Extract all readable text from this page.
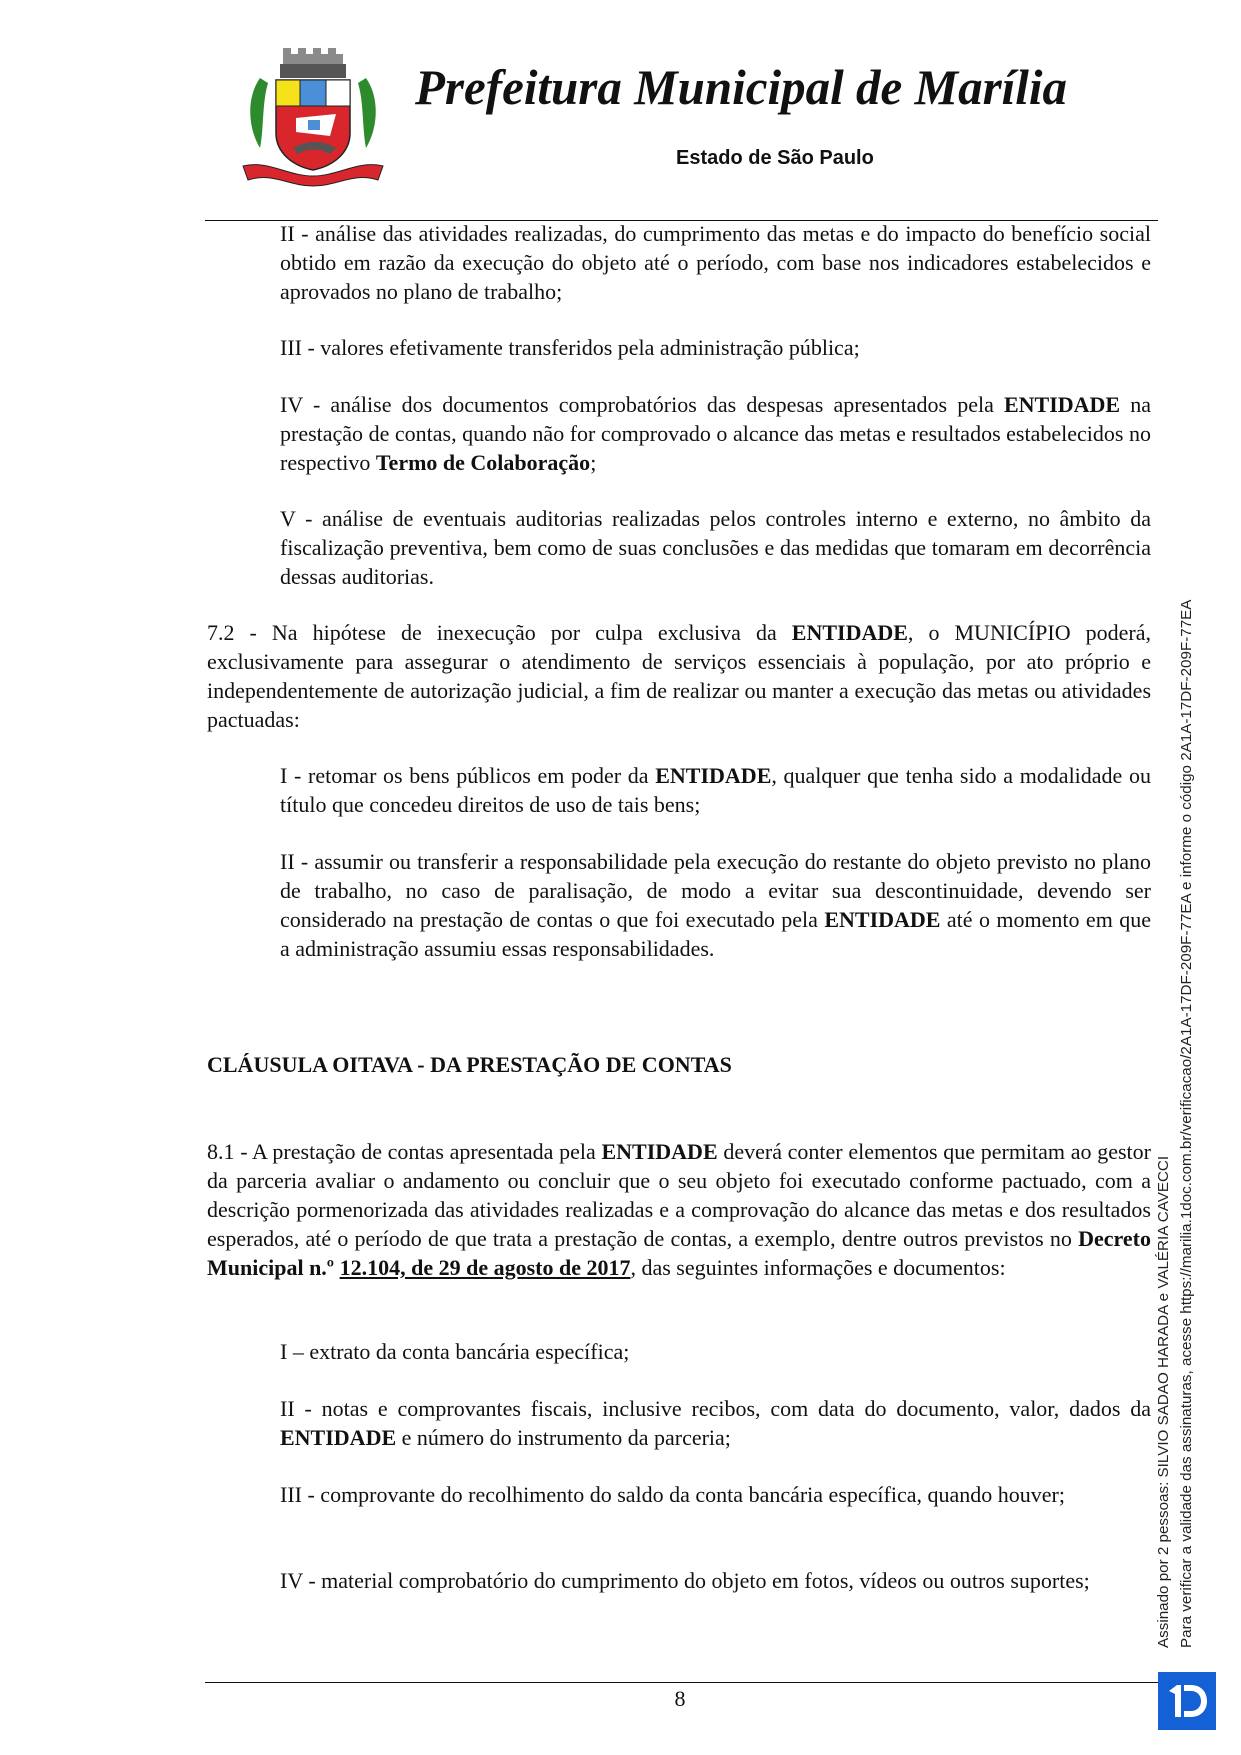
Prefeitura Municipal de Marília
Estado de São Paulo
II - análise das atividades realizadas, do cumprimento das metas e do impacto do benefício social obtido em razão da execução do objeto até o período, com base nos indicadores estabelecidos e aprovados no plano de trabalho;
III - valores efetivamente transferidos pela administração pública;
IV - análise dos documentos comprobatórios das despesas apresentados pela ENTIDADE na prestação de contas, quando não for comprovado o alcance das metas e resultados estabelecidos no respectivo Termo de Colaboração;
V - análise de eventuais auditorias realizadas pelos controles interno e externo, no âmbito da fiscalização preventiva, bem como de suas conclusões e das medidas que tomaram em decorrência dessas auditorias.
7.2 - Na hipótese de inexecução por culpa exclusiva da ENTIDADE, o MUNICÍPIO poderá, exclusivamente para assegurar o atendimento de serviços essenciais à população, por ato próprio e independentemente de autorização judicial, a fim de realizar ou manter a execução das metas ou atividades pactuadas:
I - retomar os bens públicos em poder da ENTIDADE, qualquer que tenha sido a modalidade ou título que concedeu direitos de uso de tais bens;
II - assumir ou transferir a responsabilidade pela execução do restante do objeto previsto no plano de trabalho, no caso de paralisação, de modo a evitar sua descontinuidade, devendo ser considerado na prestação de contas o que foi executado pela ENTIDADE até o momento em que a administração assumiu essas responsabilidades.
CLÁUSULA OITAVA - DA PRESTAÇÃO DE CONTAS
8.1 - A prestação de contas apresentada pela ENTIDADE deverá conter elementos que permitam ao gestor da parceria avaliar o andamento ou concluir que o seu objeto foi executado conforme pactuado, com a descrição pormenorizada das atividades realizadas e a comprovação do alcance das metas e dos resultados esperados, até o período de que trata a prestação de contas, a exemplo, dentre outros previstos no Decreto Municipal n.º 12.104, de 29 de agosto de 2017, das seguintes informações e documentos:
I – extrato da conta bancária específica;
II - notas e comprovantes fiscais, inclusive recibos, com data do documento, valor, dados da ENTIDADE e número do instrumento da parceria;
III - comprovante do recolhimento do saldo da conta bancária específica, quando houver;
IV - material comprobatório do cumprimento do objeto em fotos, vídeos ou outros suportes;
8
Assinado por 2 pessoas: SILVIO SADAO HARADA e VALÉRIA CAVECCI Para verificar a validade das assinaturas, acesse https://marilia.1doc.com.br/verificacao/2A1A-17DF-209F-77EA e informe o código 2A1A-17DF-209F-77EA
